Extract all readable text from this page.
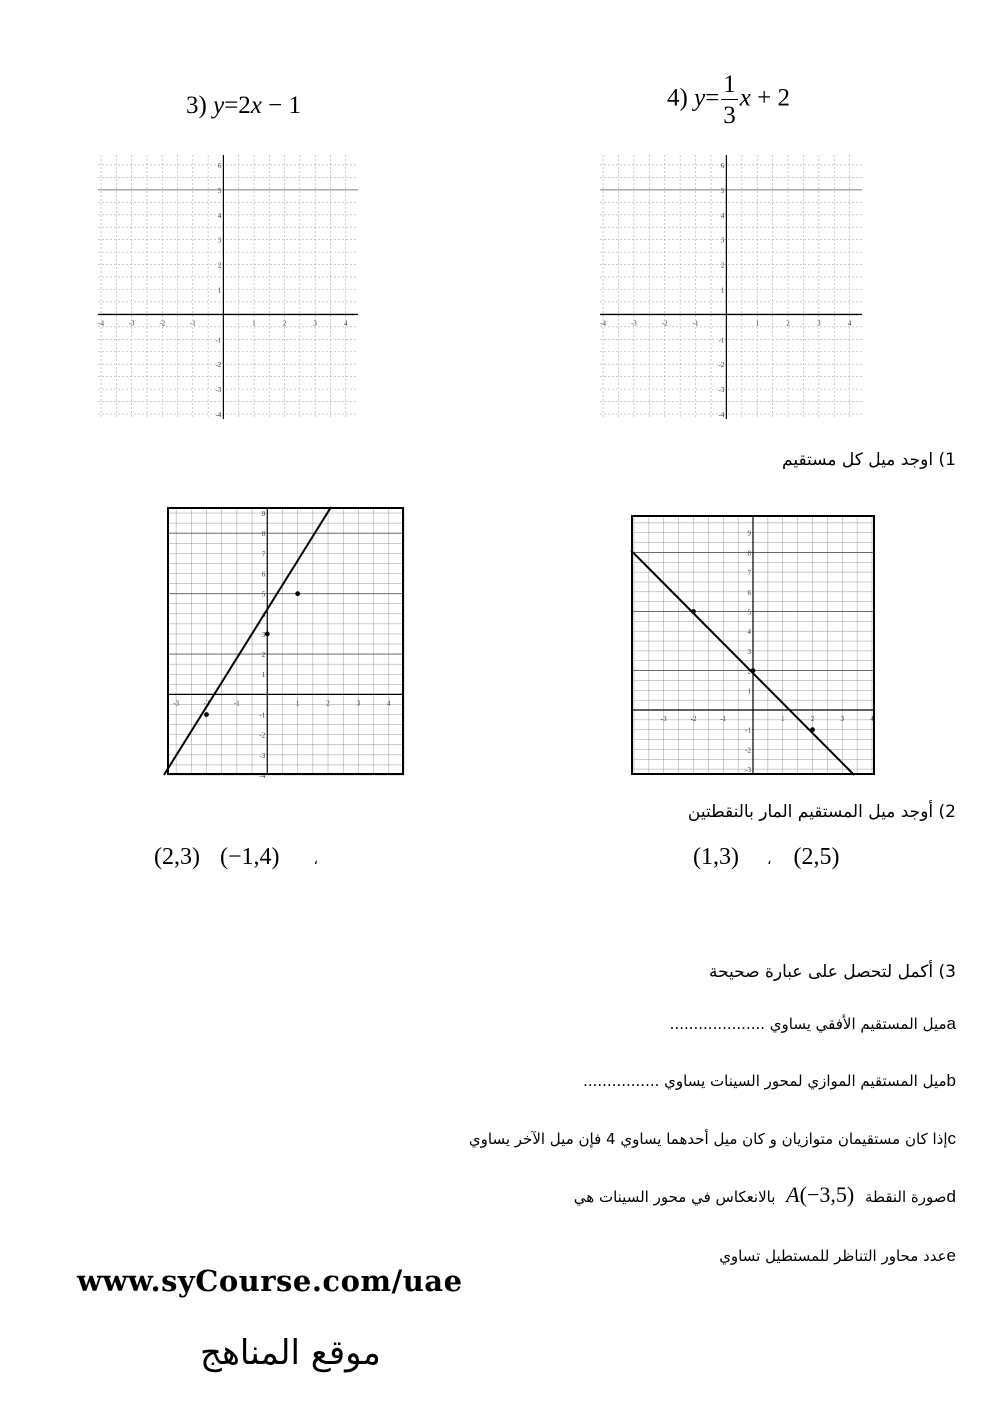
3) y=2x − 1	4) $y= \frac{1}{3}$ x + 2
-4	-3	-2	-1	1	2	3	4
6
5
4
3
2
1
-1
-2
-3
-4
-4	-3	-2	-1	1	2	3	4
6
5
4
3
2
1
-1
-2
-3
-4
1) اوجد ميل كل مستقيم
-3	-2	-1	1	2	3	4
9
8
7
6
5
4
3
2
1
-1
-2
-3
-4
-3	-2	-1	1	2	3	4
9
8
7
6
5
4
3
2
1
-1
-2
-3
2) أوجد ميل المستقيم المار بالنقطتين
(1,3) ، (2,5)
(2,3) (−1,4) ،
3) أكمل لتحصل على عبارة صحيحة
aميل المستقيم الأفقي يساوي ....................
bميل المستقيم الموازي لمحور السينات يساوي ................
cإذا كان مستقيمان متوازيان و كان ميل أحدهما يساوي 4 فإن ميل الآخر يساوي
dصورة النقطة A(−3,5) بالانعكاس في محور السينات هي
eعدد محاور التناظر للمستطيل تساوي
www.syCourse.com/uae
موقع المناهج
